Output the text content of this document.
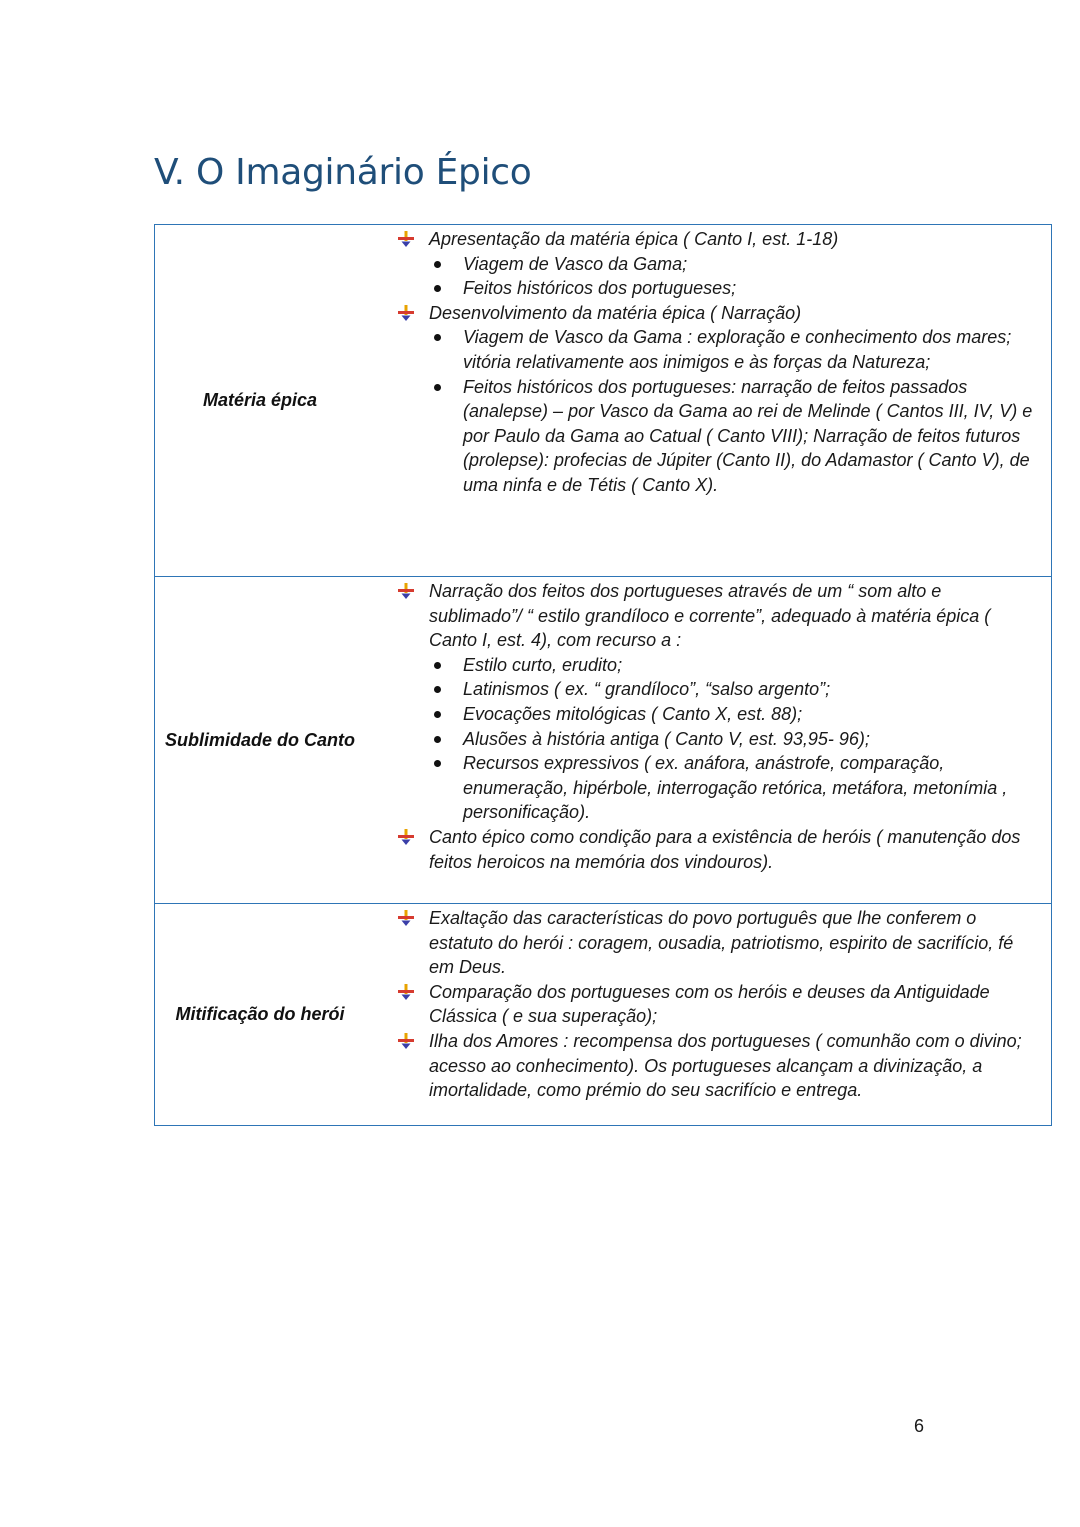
V. O Imaginário Épico
Matéria épica
Apresentação da matéria épica ( Canto I, est. 1-18)
Viagem de Vasco da Gama;
Feitos históricos dos portugueses;
Desenvolvimento da matéria épica ( Narração)
Viagem de Vasco da Gama : exploração e conhecimento dos mares; vitória relativamente aos inimigos e às forças da Natureza;
Feitos históricos dos portugueses: narração de feitos passados (analepse) – por Vasco da Gama ao rei de Melinde ( Cantos III, IV, V) e por Paulo da Gama ao Catual ( Canto VIII); Narração de feitos futuros (prolepse): profecias de Júpiter (Canto II), do Adamastor ( Canto V), de uma ninfa e de Tétis ( Canto X).
Sublimidade do Canto
Narração dos feitos dos portugueses através de um “ som alto e sublimado”/ “ estilo grandíloco e corrente”, adequado à matéria épica ( Canto I, est. 4), com recurso a :
Estilo curto, erudito;
Latinismos ( ex. “ grandíloco”, “salso argento”;
Evocações mitológicas ( Canto X, est. 88);
Alusões à história antiga ( Canto V, est. 93,95- 96);
Recursos expressivos ( ex. anáfora, anástrofe, comparação, enumeração, hipérbole, interrogação retórica, metáfora, metonímia , personificação).
Canto épico como condição para a existência de heróis ( manutenção dos feitos heroicos na memória dos vindouros).
Mitificação do herói
Exaltação das características do povo português que lhe conferem o estatuto do herói : coragem, ousadia, patriotismo, espirito de sacrifício, fé em Deus.
Comparação dos portugueses com os heróis e deuses da Antiguidade Clássica ( e sua superação);
Ilha dos Amores : recompensa dos portugueses ( comunhão com o divino; acesso ao conhecimento). Os portugueses alcançam a divinização, a imortalidade, como prémio do seu sacrifício e entrega.
6
